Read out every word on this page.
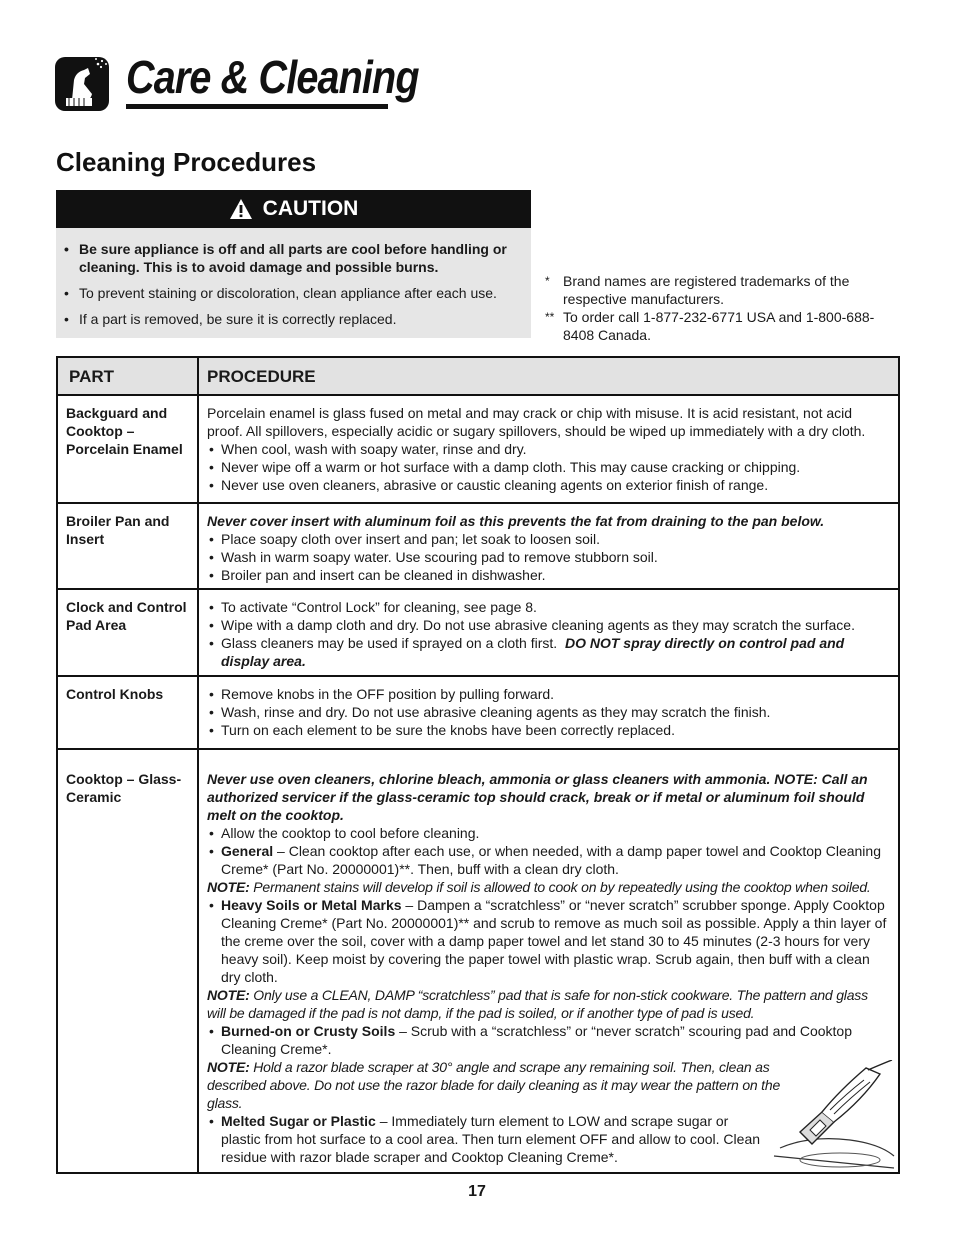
Care & Cleaning
Cleaning Procedures
CAUTION
• Be sure appliance is off and all parts are cool before handling or cleaning. This is to avoid damage and possible burns.
• To prevent staining or discoloration, clean appliance after each use.
• If a part is removed, be sure it is correctly replaced.
* Brand names are registered trademarks of the respective manufacturers.
** To order call 1-877-232-6771 USA and 1-800-688-8408 Canada.
PART	PROCEDURE
Backguard and Cooktop – Porcelain Enamel

Porcelain enamel is glass fused on metal and may crack or chip with misuse. It is acid resistant, not acid proof. All spillovers, especially acidic or sugary spillovers, should be wiped up immediately with a dry cloth.

• When cool, wash with soapy water, rinse and dry.
• Never wipe off a warm or hot surface with a damp cloth. This may cause cracking or chipping.
• Never use oven cleaners, abrasive or caustic cleaning agents on exterior finish of range.
Broiler Pan and Insert

Never cover insert with aluminum foil as this prevents the fat from draining to the pan below.

• Place soapy cloth over insert and pan; let soak to loosen soil.
• Wash in warm soapy water. Use scouring pad to remove stubborn soil.
• Broiler pan and insert can be cleaned in dishwasher.
Clock and Control Pad Area
• To activate “Control Lock” for cleaning, see page 8.
• Wipe with a damp cloth and dry. Do not use abrasive cleaning agents as they may scratch the surface.
• Glass cleaners may be used if sprayed on a cloth first. DO NOT spray directly on control pad and display area.
Control Knobs
•	Remove knobs in the OFF position by pulling forward.
• Wash, rinse and dry. Do not use abrasive cleaning agents as they may scratch the finish.
• Turn on each element to be sure the knobs have been correctly replaced.
Cooktop – Glass-Ceramic

Never use oven cleaners, chlorine bleach, ammonia or glass cleaners with ammonia. NOTE: Call an authorized servicer if the glass-ceramic top should crack, break or if metal or aluminum foil should melt on the cooktop.

• Allow the cooktop to cool before cleaning.
• General – Clean cooktop after each use, or when needed, with a damp paper towel and Cooktop Cleaning Creme* (Part No. 20000001)**. Then, buff with a clean dry cloth.

NOTE: Permanent stains will develop if soil is allowed to cook on by repeatedly using the cooktop when soiled.

• Heavy Soils or Metal Marks – Dampen a “scratchless” or “never scratch” scrubber sponge. Apply Cooktop Cleaning Creme* (Part No. 20000001)** and scrub to remove as much soil as possible. Apply a thin layer of the creme over the soil, cover with a damp paper towel and let stand 30 to 45 minutes (2-3 hours for very heavy soil). Keep moist by covering the paper towel with plastic wrap. Scrub again, then buff with a clean dry cloth.

NOTE: Only use a CLEAN, DAMP “scratchless” pad that is safe for non-stick cookware. The pattern and glass will be damaged if the pad is not damp, if the pad is soiled, or if another type of pad is used.

• Burned-on or Crusty Soils – Scrub with a “scratchless” or “never scratch” scouring pad and Cooktop Cleaning Creme*.

NOTE: Hold a razor blade scraper at 30° angle and scrape any remaining soil. Then, clean as described above. Do not use the razor blade for daily cleaning as it may wear the pattern on the glass.

• Melted Sugar or Plastic – Immediately turn element to LOW and scrape sugar or plastic from hot surface to a cool area. Then turn element OFF and allow to cool. Clean residue with razor blade scraper and Cooktop Cleaning Creme*.
17
